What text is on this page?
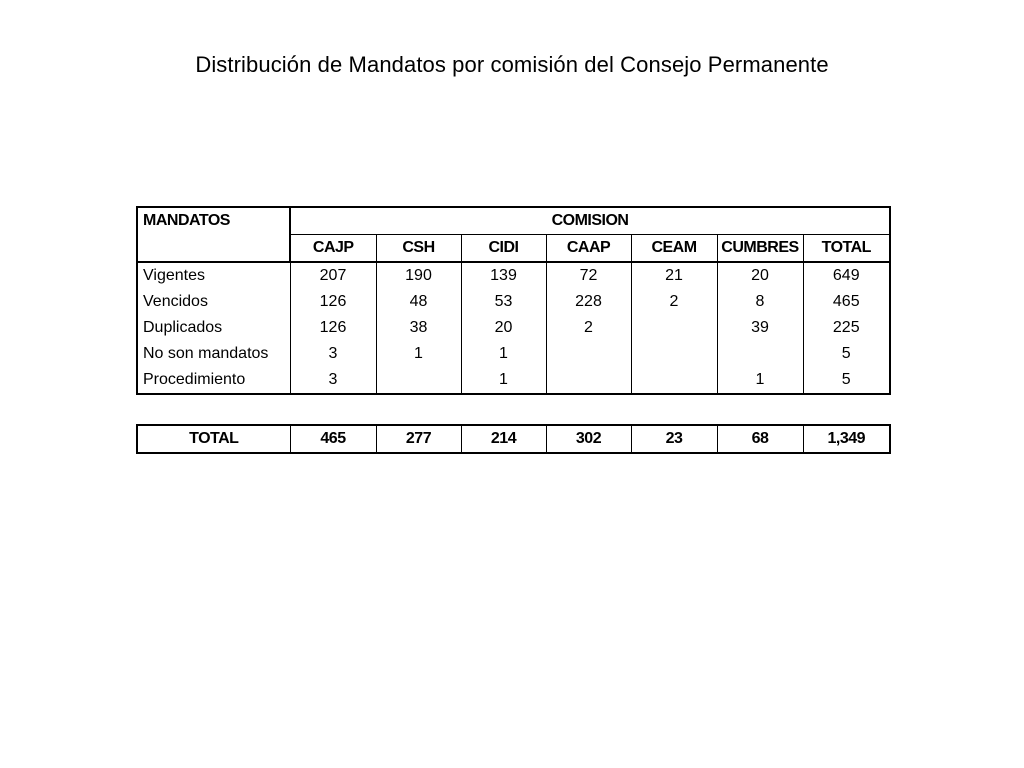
Distribución de Mandatos por comisión del Consejo Permanente
MANDATOS	COMISION						
	CAJP	CSH	CIDI	CAAP	CEAM	CUMBRES	TOTAL
Vigentes	207	190	139	72	21	20	649
Vencidos	126	48	53	228	2	8	465
Duplicados	126	38	20	2		39	225
No son mandatos	3	1	1				5
Procedimiento	3		1			1	5
TOTAL	465	277	214	302	23	68	1,349
